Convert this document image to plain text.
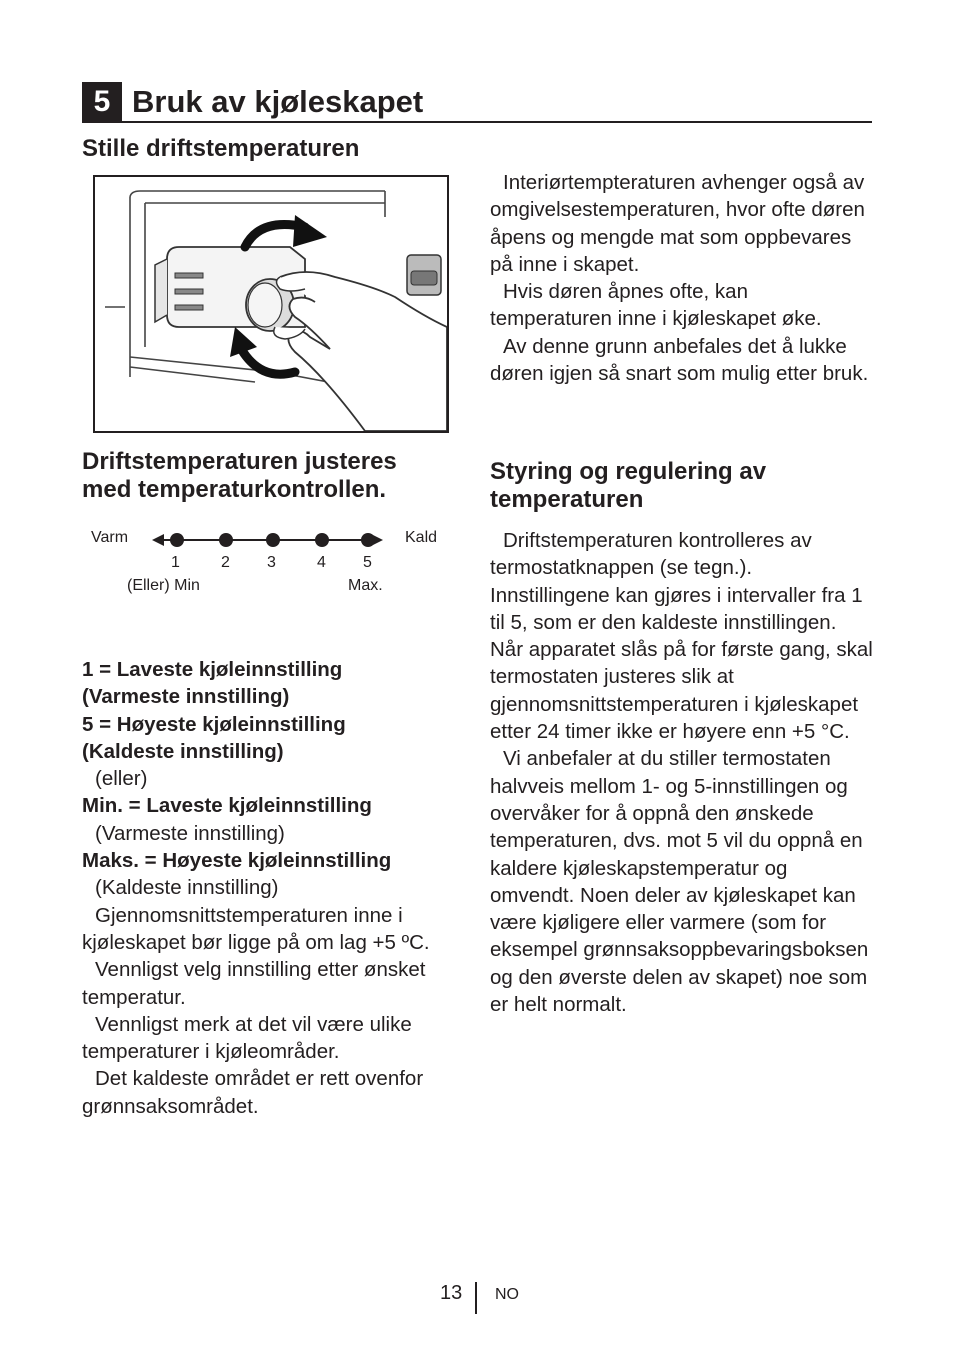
5 Bruk av kjøleskapet
Stille driftstemperaturen
Driftstemperaturen justeres
med temperaturkontrollen.
Varm	Kald
1	2 3	4 5
(Eller) Min	Max.
1 = Laveste kjøleinnstilling
(Varmeste innstilling)
5 = Høyeste kjøleinnstilling
(Kaldeste innstilling)
(eller)
Min. = Laveste kjøleinnstilling
(Varmeste innstilling)
Maks. = Høyeste kjøleinnstilling
(Kaldeste innstilling)

Gjennomsnittstemperaturen inne i kjøleskapet bør ligge på om lag +5 ºC.

Vennligst velg innstilling etter ønsket temperatur.

Vennligst merk at det vil være ulike temperaturer i kjøleområder.

Det kaldeste området er rett ovenfor grønnsaksområdet.

Interiørtempteraturen avhenger også av omgivelsestemperaturen, hvor ofte døren åpens og mengde mat som oppbevares på inne i skapet.

Hvis døren åpnes ofte, kan temperaturen inne i kjøleskapet øke.

Av denne grunn anbefales det å lukke døren igjen så snart som mulig etter bruk.

Styring og regulering av
temperaturen

Driftstemperaturen kontrolleres av termostatknappen (se tegn.). Innstillingene kan gjøres i intervaller fra 1 til 5, som er den kaldeste innstillingen. Når apparatet slås på for første gang, skal termostaten justeres slik at gjennomsnittstemperaturen i kjøleskapet etter 24 timer ikke er høyere enn +5 °C.

Vi anbefaler at du stiller termostaten halvveis mellom 1- og 5-innstillingen og overvåker for å oppnå den ønskede temperaturen, dvs. mot 5 vil du oppnå en kaldere kjøleskapstemperatur og omvendt. Noen deler av kjøleskapet kan være kjøligere eller varmere (som for eksempel grønnsaksoppbevaringsboksen og den øverste delen av skapet) noe som er helt normalt.

13 NO
